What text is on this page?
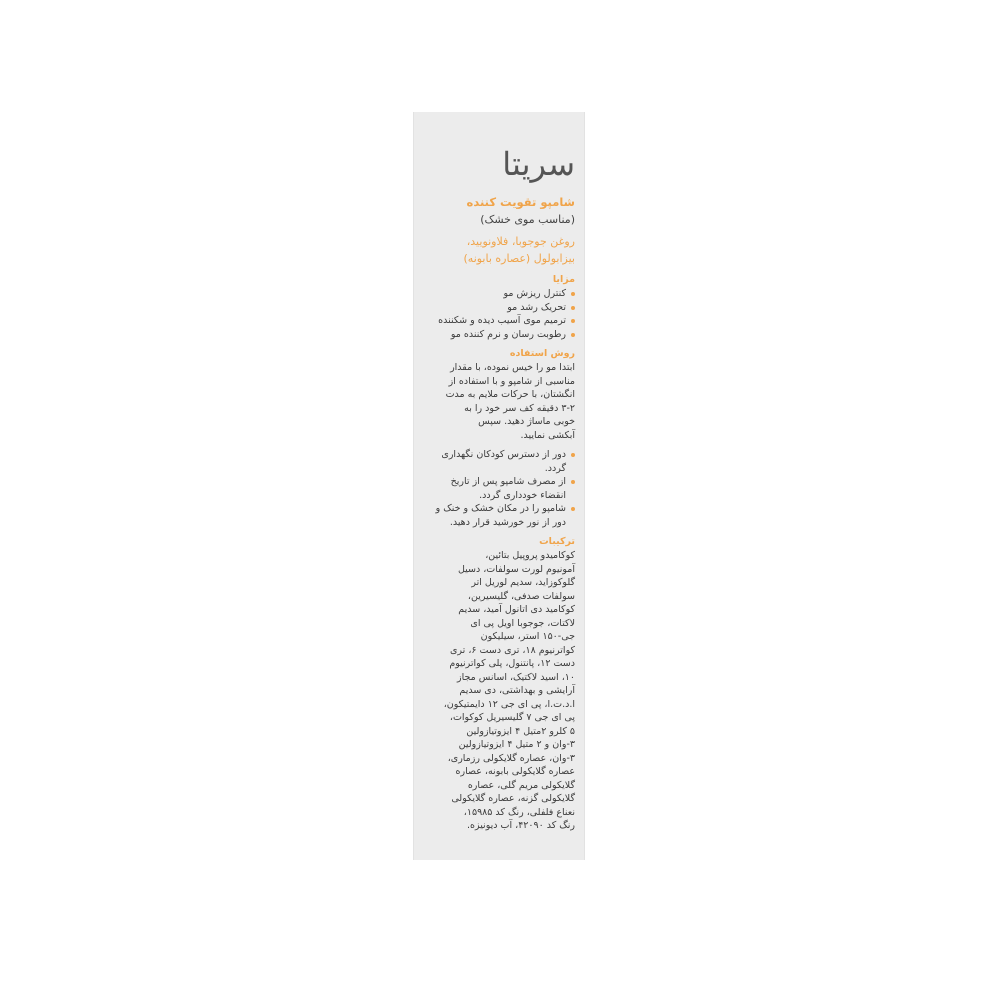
سریتا
شامپو تقویت کننده
(مناسب موی خشک)
روغن جوجوبا، فلاونویید،
بیزابولول (عصاره بابونه)
مزایا
کنترل ریزش مو
تحریک رشد مو
ترمیم موی آسیب دیده و شکننده
رطوبت رسان و نرم کننده مو
روش استفاده
ابتدا مو را خیس نموده، با مقدار
مناسبی از شامپو و با استفاده از
انگشتان، با حرکات ملایم به مدت
۳-۲ دقیقه کف سر خود را به
خوبی ماساژ دهید. سپس
آبکشی نمایید.
دور از دسترس کودکان نگهداری گردد.
از مصرف شامپو پس از تاریخ انقضاء خودداری گردد.
شامپو را در مکان خشک و خنک و دور از نور خورشید قرار دهید.
ترکیبات
کوکامیدو پروپیل بتائین،
آمونیوم لورت سولفات، دسیل
گلوکوزاید، سدیم لوریل اتر
سولفات صدفی، گلیسیرین،
کوکامید دی اتانول آمید، سدیم
لاکتات، جوجوبا اویل پی ای
جی-۱۵۰ استر، سیلیکون
کواترنیوم ۱۸، تری دست ۶، تری
دست ۱۲، پانتنول، پلی کواترنیوم
۱۰، اسید لاکتیک، اسانس مجاز
آرایشی و بهداشتی، دی سدیم
ا.د.ت.ا، پی ای جی ۱۲ دایمتیکون،
پی ای جی ۷ گلیسیریل کوکوات،
۵ کلرو ۲متیل ۴ ایزوتیازولین
۳-وان و ۲ متیل ۴ ایزوتیازولین
۳-وان، عصاره گلایکولی رزماری،
عصاره گلایکولی بابونه، عصاره
گلایکولی مریم گلی، عصاره
گلایکولی گزنه، عصاره گلایکولی
نعناع فلفلی، رنگ کد ۱۵۹۸۵،
رنگ کد ۴۲۰۹۰، آب دیونیزه.
